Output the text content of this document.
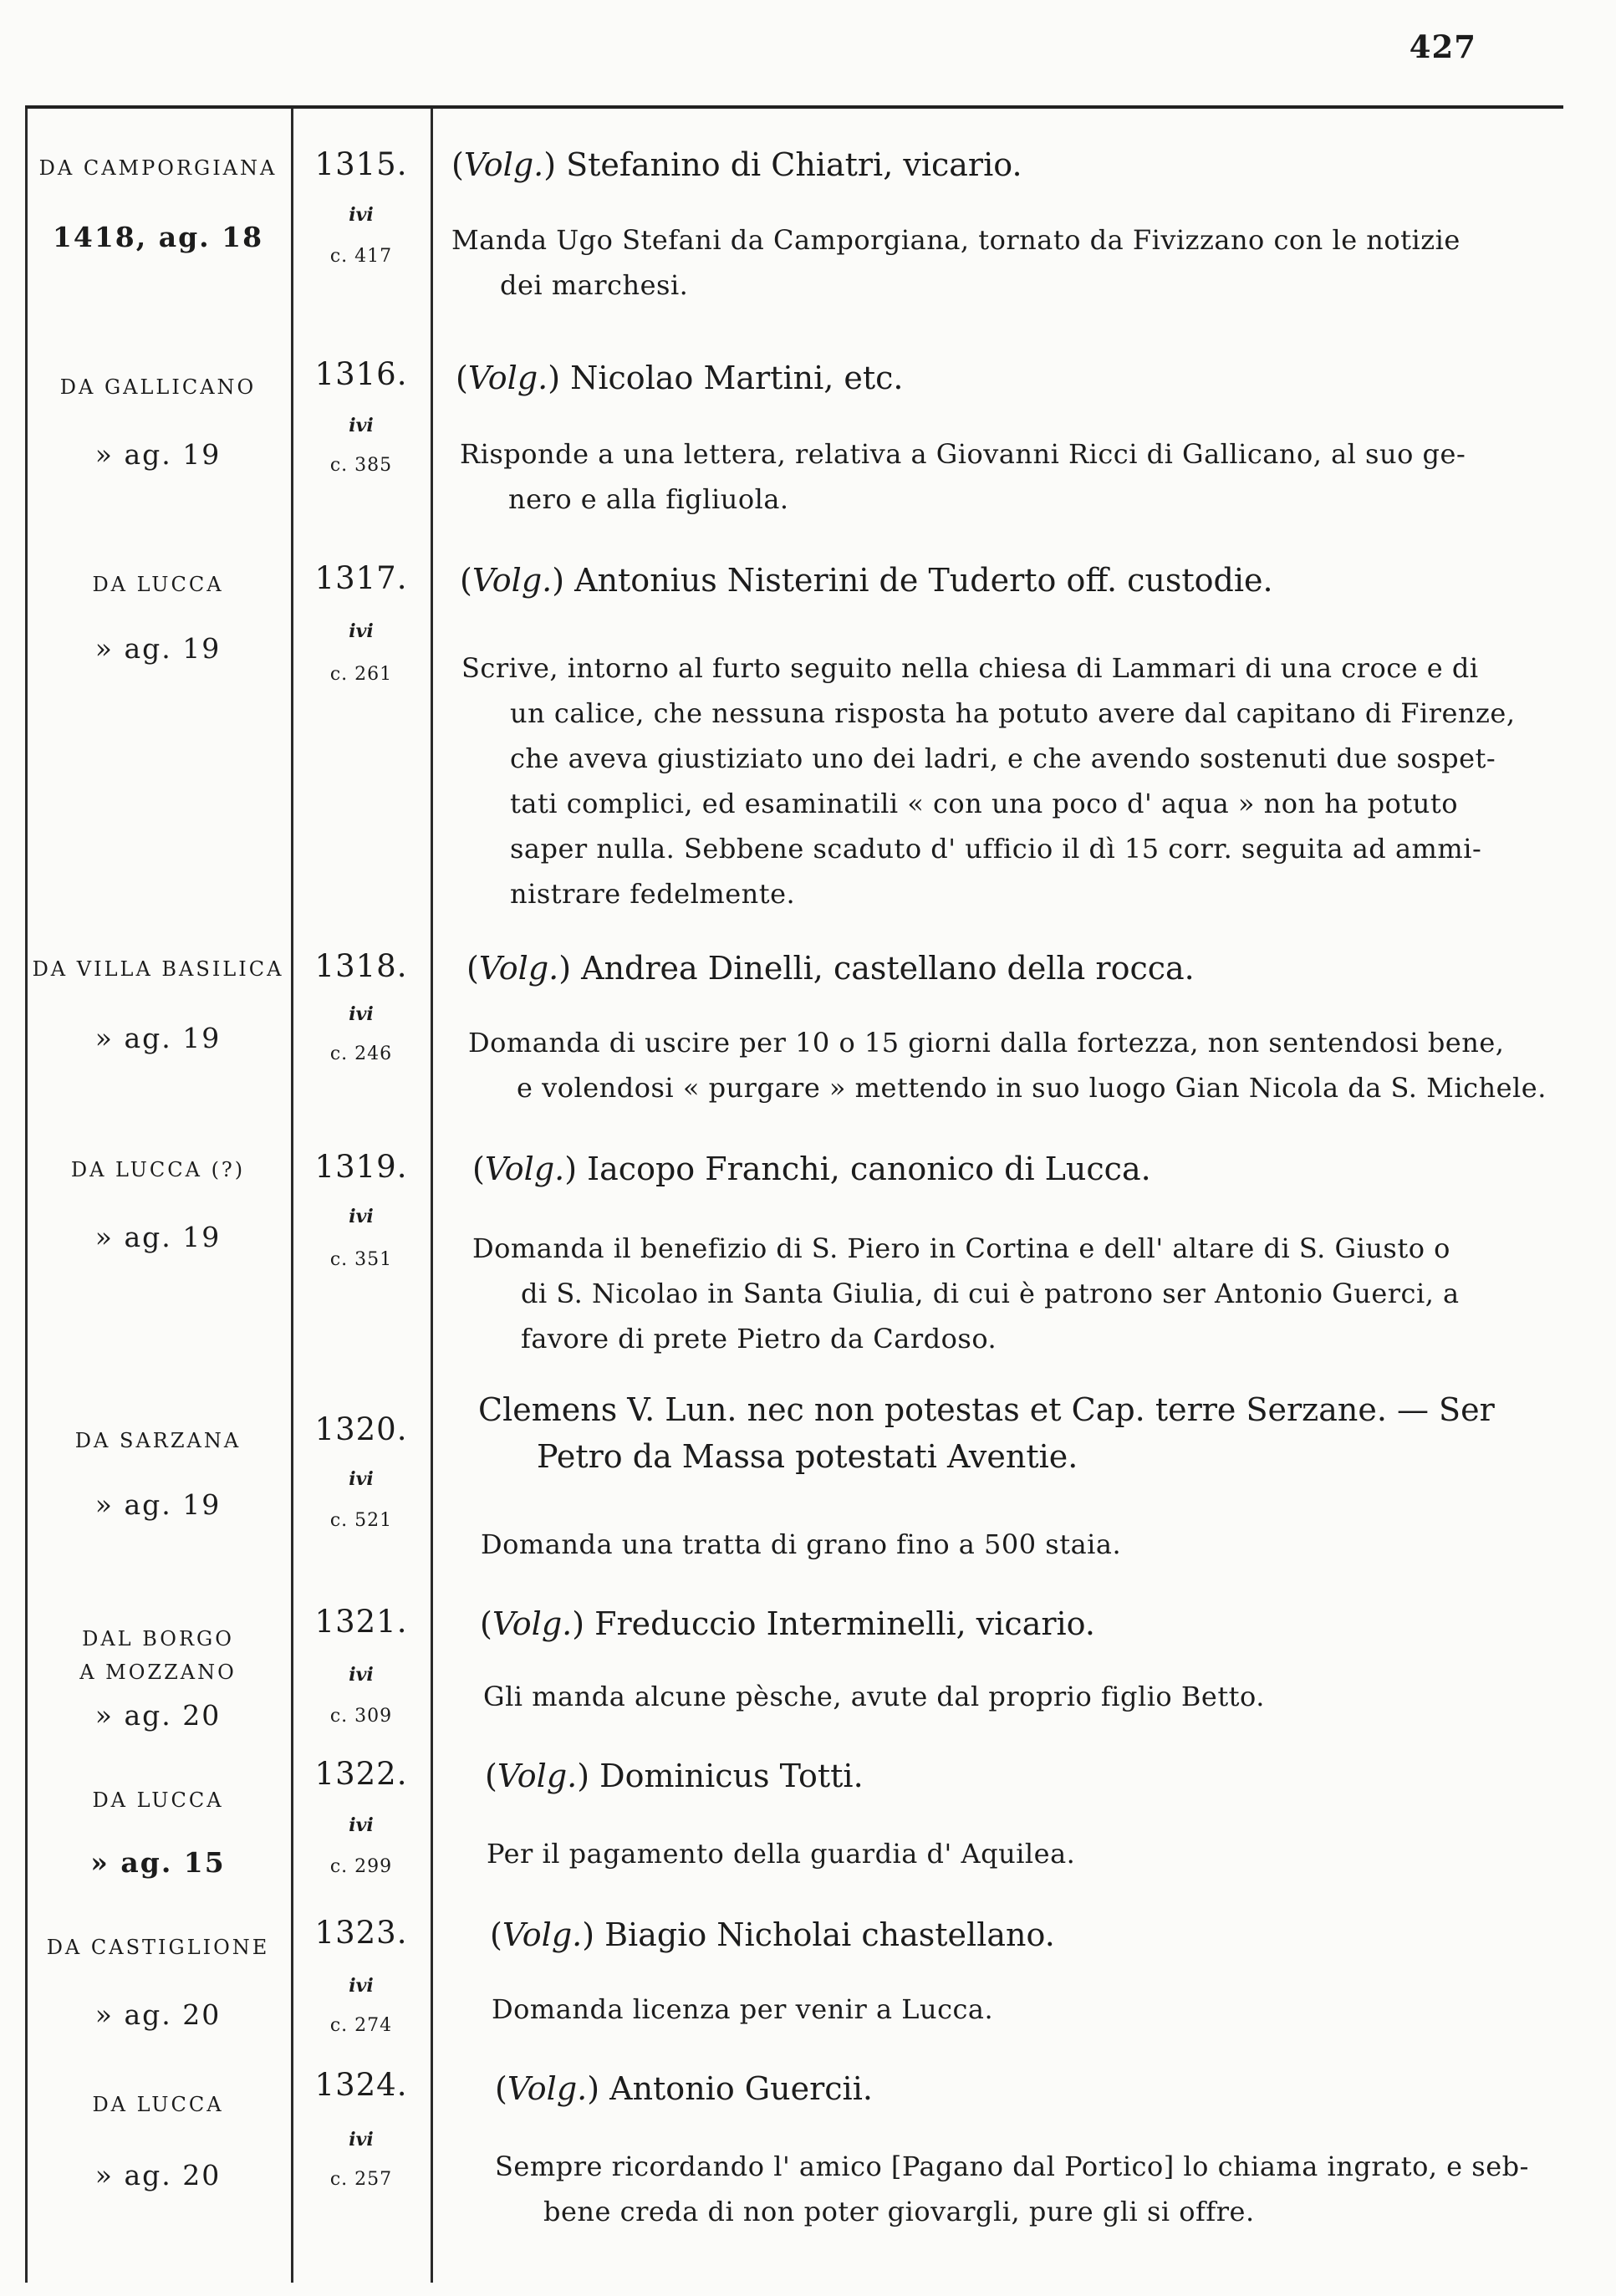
427
DA CAMPORGIANA
1418, ag. 18
1315.
ivi
c. 417
(Volg.) Stefanino di Chiatri, vicario.
Manda Ugo Stefani da Camporgiana, tornato da Fivizzano con le notizie
dei marchesi.
DA GALLICANO
» ag. 19
1316.
ivi
c. 385
(Volg.) Nicolao Martini, etc.
Risponde a una lettera, relativa a Giovanni Ricci di Gallicano, al suo ge-
nero e alla figliuola.
DA LUCCA
» ag. 19
1317.
ivi
c. 261
(Volg.) Antonius Nisterini de Tuderto off. custodie.
Scrive, intorno al furto seguito nella chiesa di Lammari di una croce e di
un calice, che nessuna risposta ha potuto avere dal capitano di Firenze,
che aveva giustiziato uno dei ladri, e che avendo sostenuti due sospet-
tati complici, ed esaminatili « con una poco d' aqua » non ha potuto
saper nulla. Sebbene scaduto d' ufficio il dì 15 corr. seguita ad ammi-
nistrare fedelmente.
DA VILLA BASILICA
» ag. 19
1318.
ivi
c. 246
(Volg.) Andrea Dinelli, castellano della rocca.
Domanda di uscire per 10 o 15 giorni dalla fortezza, non sentendosi bene,
e volendosi « purgare » mettendo in suo luogo Gian Nicola da S. Michele.
DA LUCCA (?)
» ag. 19
1319.
ivi
c. 351
(Volg.) Iacopo Franchi, canonico di Lucca.
Domanda il benefizio di S. Piero in Cortina e dell' altare di S. Giusto o
di S. Nicolao in Santa Giulia, di cui è patrono ser Antonio Guerci, a
favore di prete Pietro da Cardoso.
DA SARZANA
» ag. 19
1320.
ivi
c. 521
Clemens V. Lun. nec non potestas et Cap. terre Serzane. — Ser
Petro da Massa potestati Aventie.
Domanda una tratta di grano fino a 500 staia.
DAL BORGO
A MOZZANO
» ag. 20
1321.
ivi
c. 309
(Volg.) Freduccio Interminelli, vicario.
Gli manda alcune pèsche, avute dal proprio figlio Betto.
DA LUCCA
» ag. 15
1322.
ivi
c. 299
(Volg.) Dominicus Totti.
Per il pagamento della guardia d' Aquilea.
DA CASTIGLIONE
» ag. 20
1323.
ivi
c. 274
(Volg.) Biagio Nicholai chastellano.
Domanda licenza per venir a Lucca.
DA LUCCA
» ag. 20
1324.
ivi
c. 257
(Volg.) Antonio Guercii.
Sempre ricordando l' amico [Pagano dal Portico] lo chiama ingrato, e seb-
bene creda di non poter giovargli, pure gli si offre.
